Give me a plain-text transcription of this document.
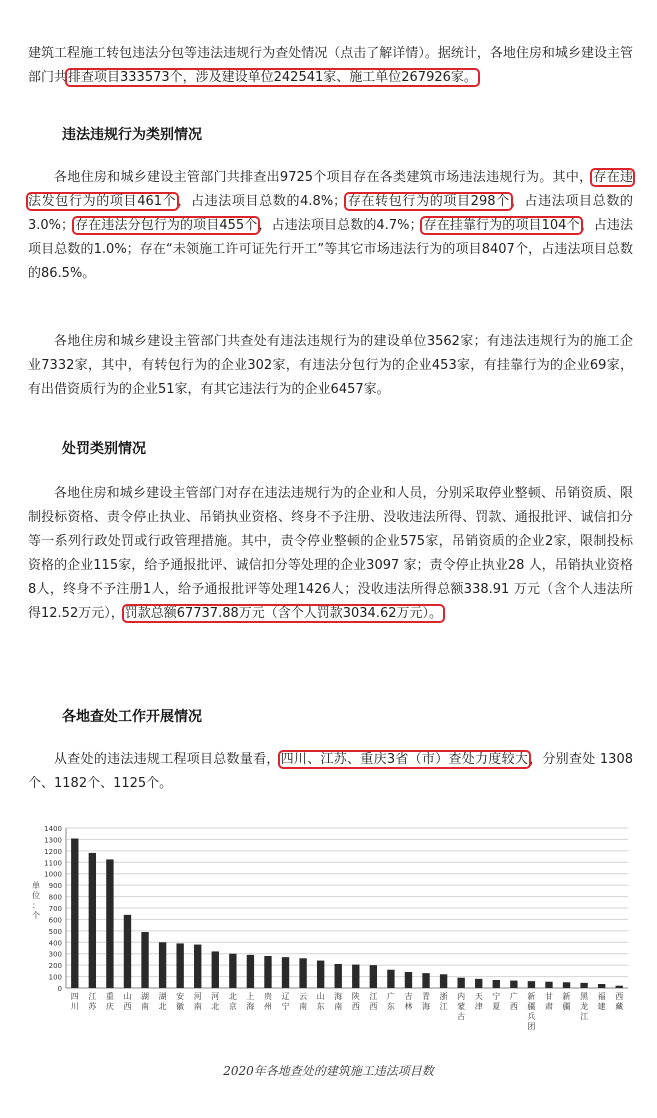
建筑工程施工转包违法分包等违法违规行为查处情况（点击了解详情）。据统计，各地住房和城乡建设主管部门共排查项目333573个，涉及建设单位242541家、施工单位267926家。
违法违规行为类别情况
各地住房和城乡建设主管部门共排查出9725个项目存在各类建筑市场违法违规行为。其中，存在违法发包行为的项目461个，占违法项目总数的4.8%；存在转包行为的项目298个，占违法项目总数的3.0%；存在违法分包行为的项目455个，占违法项目总数的4.7%；存在挂靠行为的项目104个，占违法项目总数的1.0%；存在“未领施工许可证先行开工”等其它市场违法行为的项目8407个，占违法项目总数的86.5%。
各地住房和城乡建设主管部门共查处有违法违规行为的建设单位3562家；有违法违规行为的施工企业7332家，其中，有转包行为的企业302家，有违法分包行为的企业453家，有挂靠行为的企业69家，有出借资质行为的企业51家，有其它违法行为的企业6457家。
处罚类别情况
各地住房和城乡建设主管部门对存在违法违规行为的企业和人员，分别采取停业整顿、吊销资质、限制投标资格、责令停止执业、吊销执业资格、终身不予注册、没收违法所得、罚款、通报批评、诚信扣分等一系列行政处罚或行政管理措施。其中，责令停业整顿的企业575家，吊销资质的企业2家，限制投标资格的企业115家，给予通报批评、诚信扣分等处理的企业3097 家；责令停止执业28 人，吊销执业资格8人，终身不予注册1人，给予通报批评等处理1426人；没收违法所得总额338.91 万元（含个人违法所得12.52万元），罚款总额67737.88万元（含个人罚款3034.62万元）。
各地查处工作开展情况
从查处的违法违规工程项目总数量看，四川、江苏、重庆3省（市）查处力度较大，分别查处 1308个、1182个、1125个。
0
100
200
300
400
500
600
700
800
900
1000
1100
1200
1300
1400
单
位
：
个
四
川
江
苏
重
庆
山
西
湖
南
湖
北
安
徽
河
南
河
北
北
京
上
海
贵
州
辽
宁
云
南
山
东
海
南
陕
西
江
西
广
东
吉
林
青
海
浙
江
内
蒙
古
天
津
宁
夏
广
西
新
疆
兵
团
甘
肃
新
疆
黑
龙
江
福
建
西
藏
2020年各地查处的建筑施工违法项目数
